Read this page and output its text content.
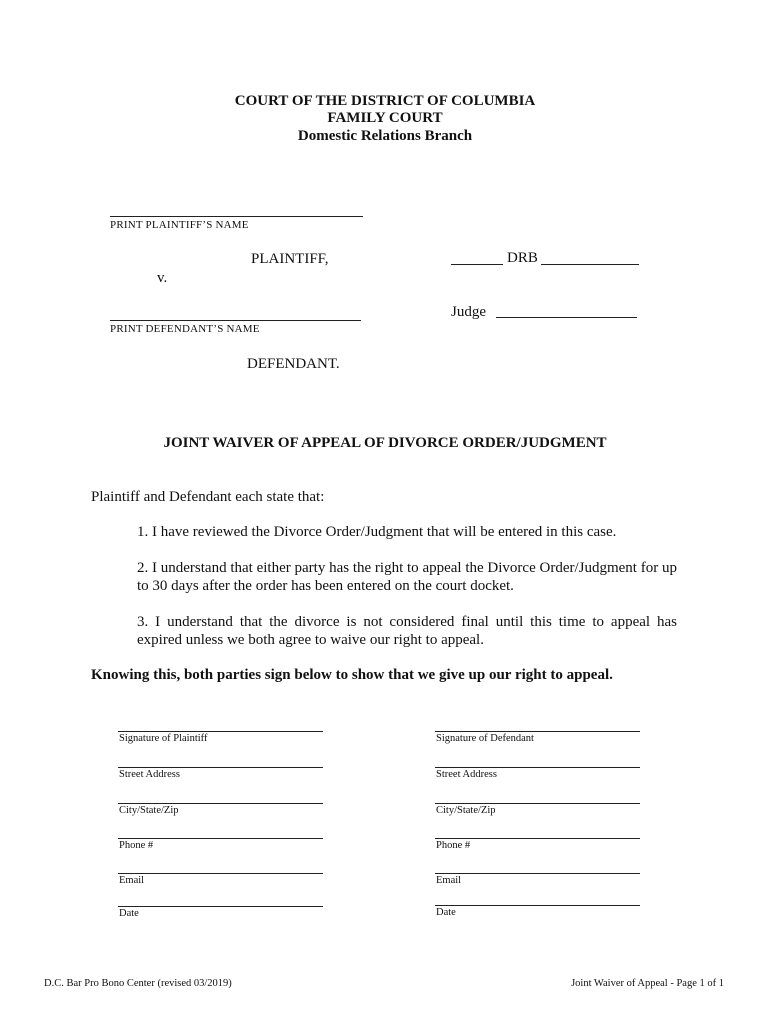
COURT OF THE DISTRICT OF COLUMBIA
FAMILY COURT
Domestic Relations Branch
PRINT PLAINTIFF’S NAME
PLAINTIFF,
v.
DRB
Judge
PRINT DEFENDANT’S NAME
DEFENDANT.
JOINT WAIVER OF APPEAL OF DIVORCE ORDER/JUDGMENT
Plaintiff and Defendant each state that:
1. I have reviewed the Divorce Order/Judgment that will be entered in this case.
2. I understand that either party has the right to appeal the Divorce Order/Judgment for up to 30 days after the order has been entered on the court docket.
3. I understand that the divorce is not considered final until this time to appeal has expired unless we both agree to waive our right to appeal.
Knowing this, both parties sign below to show that we give up our right to appeal.
Signature of Plaintiff
Street Address
City/State/Zip
Phone #
Email
Date
Signature of Defendant
Street Address
City/State/Zip
Phone #
Email
Date
D.C. Bar Pro Bono Center (revised 03/2019)	Joint Waiver of Appeal - Page 1 of 1
